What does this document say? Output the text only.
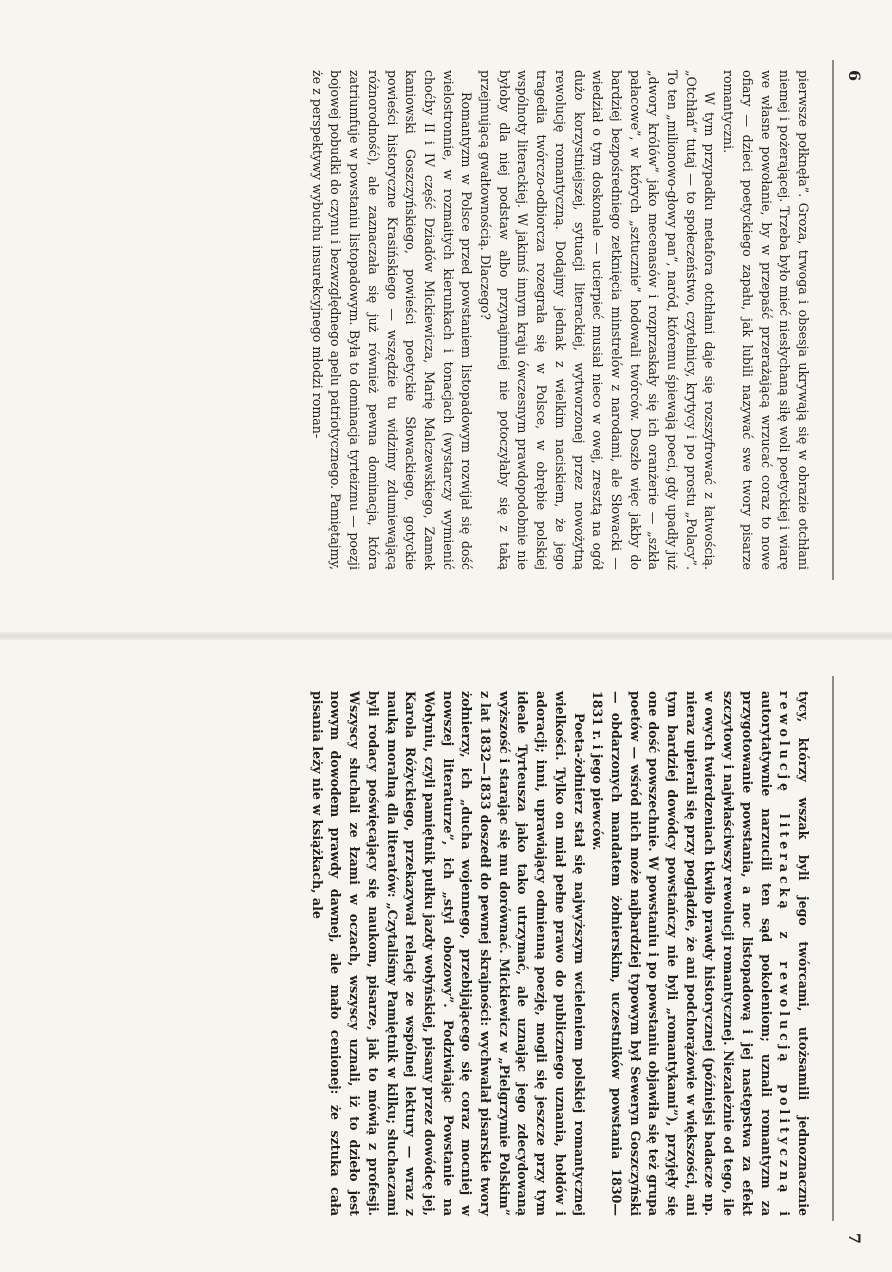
6

pierwsze połknęła”. Groza, trwoga i obsesja ukrywają się w obrazie otchłani niemej i pożerającej. Trzeba było mieć niesłychaną siłę woli poetyckiej i wiarę we własne powołanie, by w przepaść przerażającą wrzucać coraz to nowe ofiary — dzieci poetyckiego zapału, jak lubili nazywać swe twory pisarze romantyczni.

W tym przypadku metafora otchłani daje się rozszyfrować z łatwością. „Otchłań” tutaj — to społeczeństwo, czytelnicy, krytycy i po prostu „Polacy”. To ten „milionowo-głowy pan”, naród, któremu śpiewają poeci, gdy upadły już „dwory królów” jako mecenasów i rozprzaskały się ich oranżerie — „szkła pałacowe”, w których „sztucznie” hodowali twórców. Doszło więc jakby do bardziej bezpośredniego zetknięcia minstrelów z narodami, ale Słowacki — wiedział o tym doskonale — ucierpieć musiał nieco w owej, zresztą na ogół dużo korzystniejszej, sytuacji literackiej, wytworzonej przez nowożytną rewolucję romantyczną. Dodajmy jednak z wielkim naciskiem, że jego tragedia twórczo-odbiorcza rozegrała się w Polsce, w obrębie polskiej wspólnoty literackiej. W jakimś innym kraju ówczesnym prawdopodobnie nie byłoby dla niej podstaw albo przynajmniej nie potoczyłaby się z taką przejmującą gwałtownością. Dlaczego?

Romantyzm w Polsce przed powstaniem listopadowym rozwijał się dość wielostronnie, w rozmaitych kierunkach i tonacjach (wystarczy wymienić choćby II i IV część Dziadów Mickiewicza, Marię Malczewskiego, Zamek kaniowski Goszczyńskiego, powieści poetyckie Słowackiego, gotyckie powieści historyczne Krasińskiego — wszędzie tu widzimy zdumiewającą różnorodność), ale zaznaczała się już również pewna dominacja, która zatriumfuje w powstaniu listopadowym. Była to dominacja tyrteizmu — poezji bojowej pobudki do czynu i bezwzględnego apelu patriotycznego. Pamiętajmy, że z perspektywy wybuchu insurekcyjnego młodzi roman-

7

tycy, którzy wszak byli jego twórcami, utożsamili jednoznacznie rewolucję literacką z rewolucją polityczną i autorytatywnie narzucili ten sąd pokoleniom; uznali romantyzm za przygotowanie powstania, a noc listopadową i jej następstwa za efekt szczytowy i najwłaściwszy rewolucji romantycznej. Niezależnie od tego, ile w owych twierdzeniach tkwiło prawdy historycznej (późniejsi badacze np. nieraz upierali się przy poglądzie, że ani podchorążowie w większości, ani tym bardziej dowódcy powstańczy nie byli „romantykami”), przyjęły się one dość powszechnie. W powstaniu i po powstaniu objawiła się też grupa poetów — wśród nich może najbardziej typowym był Seweryn Goszczyński — obdarzonych mandatem żołnierskim, uczestników powstania 1830—1831 r. i jego piewców.

Poeta-żołnierz stał się najwyższym wcieleniem polskiej romantycznej wielkości. Tylko on miał pełne prawo do publicznego uznania, hołdów i adoracji; inni, uprawiający odmienną poezję, mogli się jeszcze przy tym ideale Tyrteusza jako tako utrzymać, ale uznając jego zdecydowaną wyższość i starając się mu dorównać. Mickiewicz w „Pielgrzymie Polskim” z lat 1832—1833 doszedł do pewnej skrajności: wychwalał pisarskie twory żołnierzy, ich „ducha wojennego, przebijającego się coraz mocniej w nowszej literaturze”, ich „styl obozowy”. Podziwiając Powstanie na Wołyniu, czyli pamiętnik pułku jazdy wołyńskiej, pisany przez dowódcę jej, Karola Różyckiego, przekazywał relację ze wspólnej lektury — wraz z nauką moralną dla literatów: „Czytaliśmy Pamiętnik w kilku; słuchaczami byli rodacy poświęcający się naukom, pisarze, jak to mówią z profesji. Wszyscy słuchali ze łzami w oczach, wszyscy uznali, iż to dzieło jest nowym dowodem prawdy dawnej, ale mało cenionej: że sztuka cała pisania leży nie w książkach, ale
